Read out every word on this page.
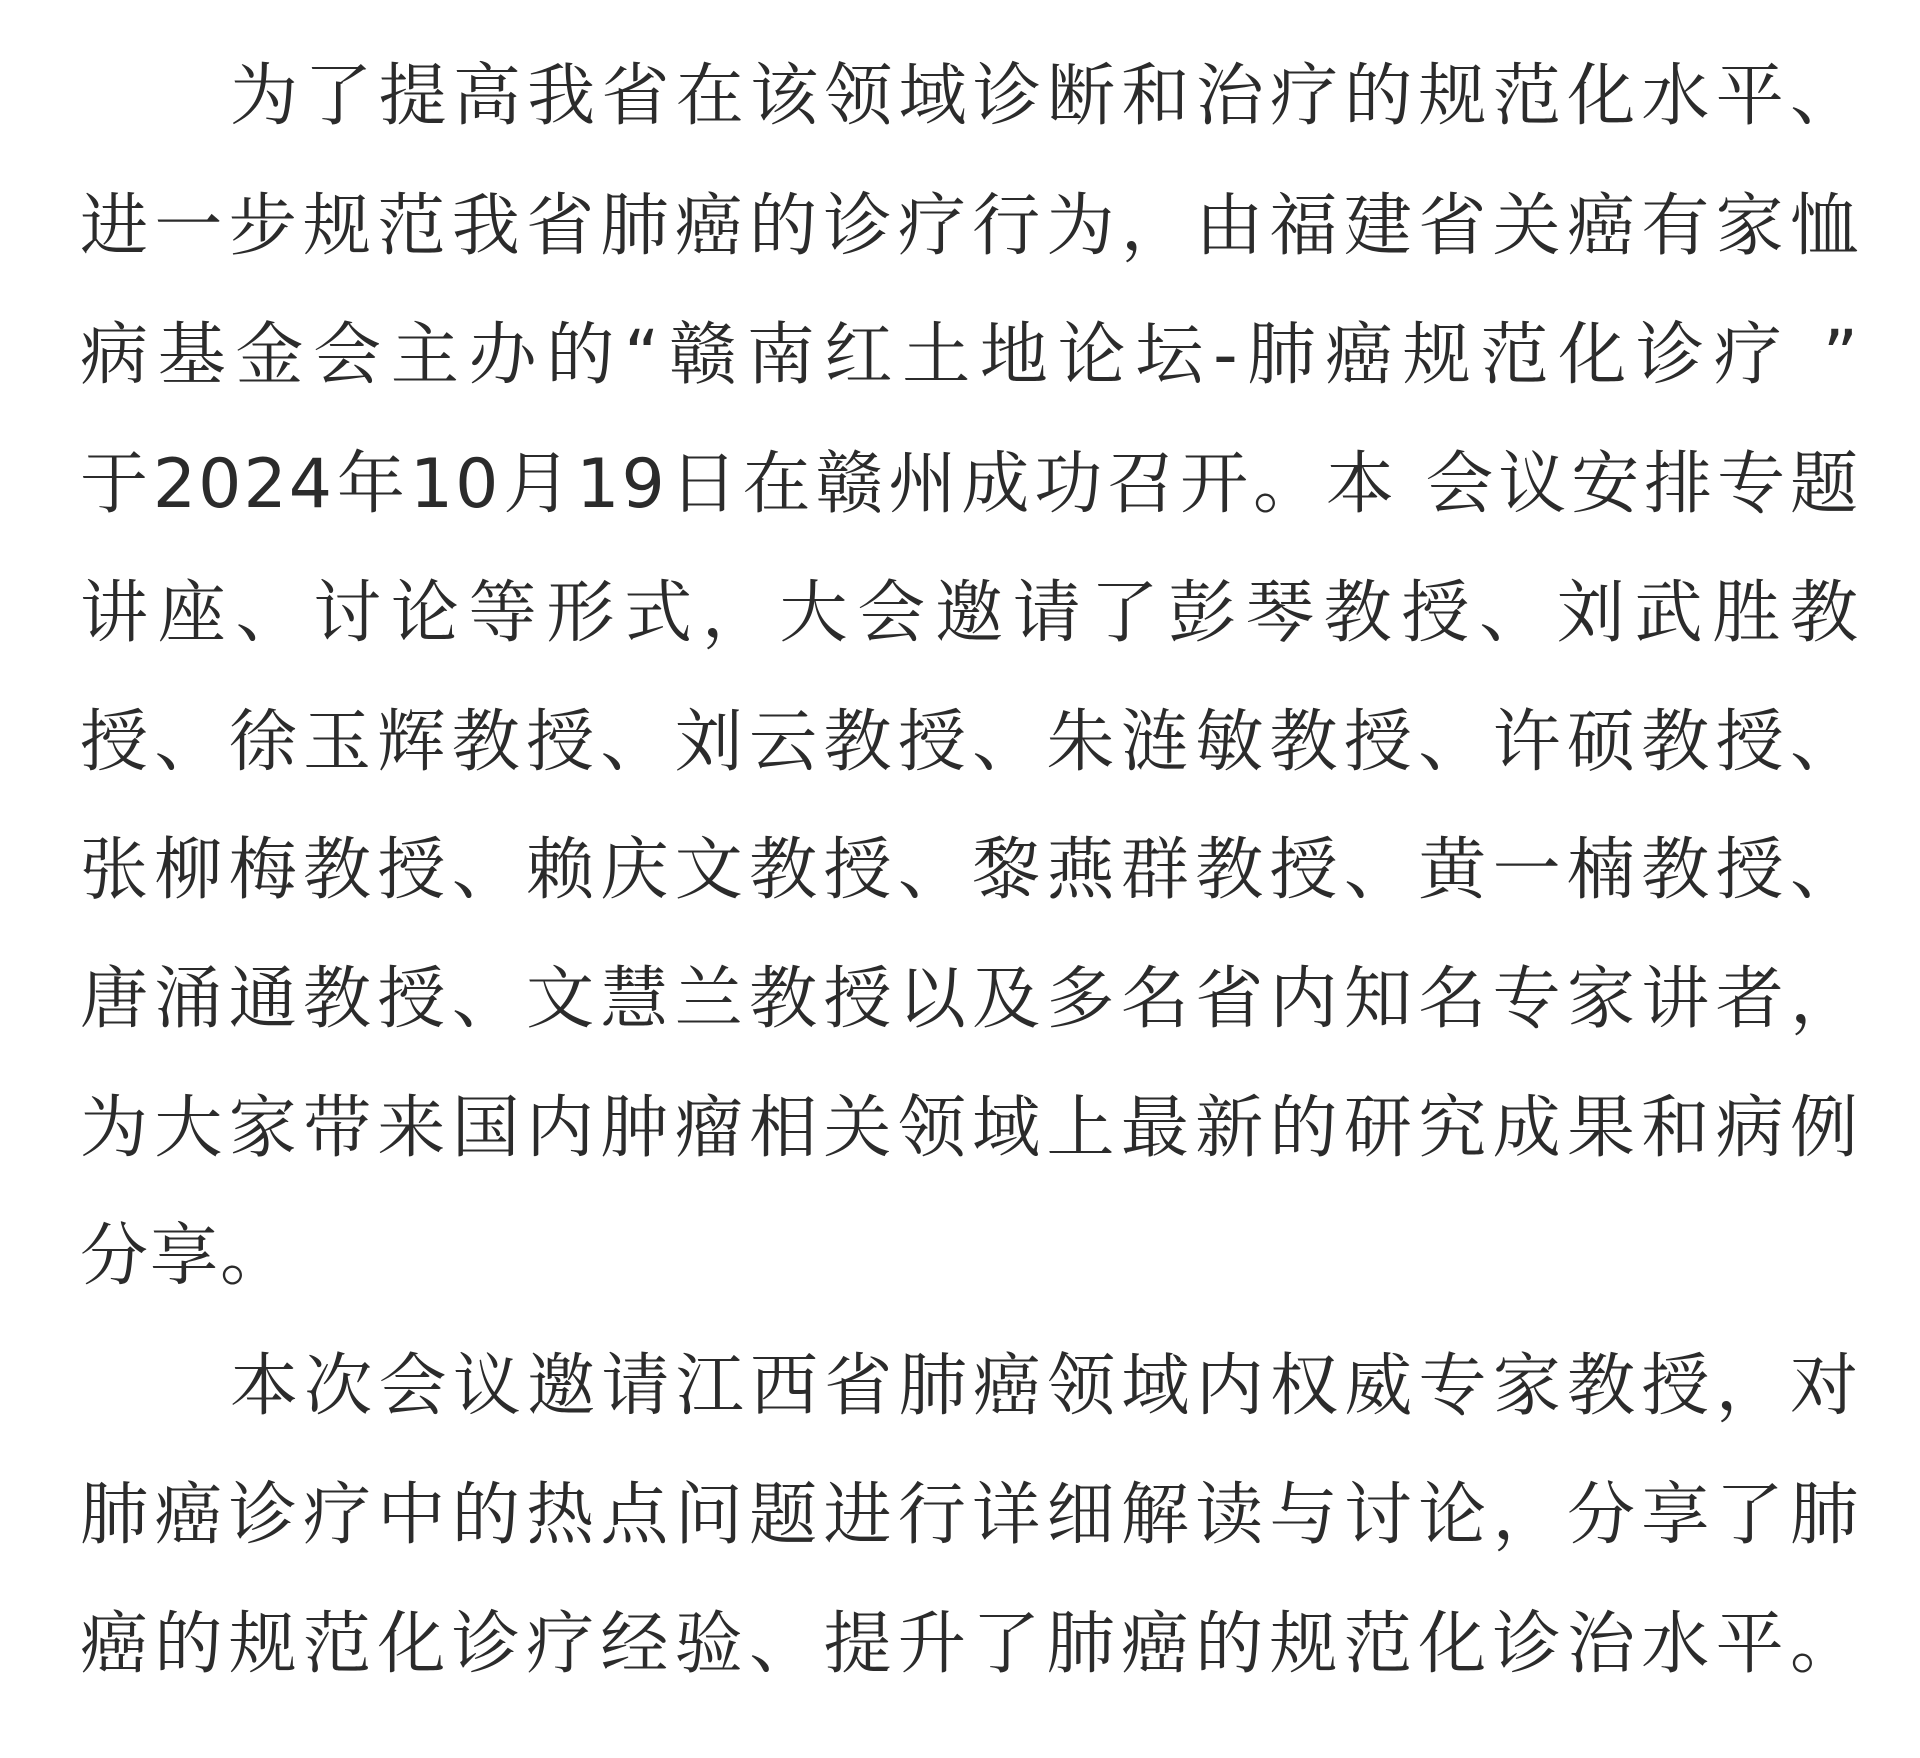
为了提高我省在该领域诊断和治疗的规范化水平、
进一步规范我省肺癌的诊疗行为，由福建省关癌有家恤
病基金会主办的“赣南红土地论坛-肺癌规范化诊疗 ”
于2024年10月19日在赣州成功召开。本 会议安排专题
讲座、讨论等形式，大会邀请了彭琴教授、刘武胜教
授、徐玉辉教授、刘云教授、朱涟敏教授、许硕教授、
张柳梅教授、赖庆文教授、黎燕群教授、黄一楠教授、
唐涌通教授、文慧兰教授以及多名省内知名专家讲者，
为大家带来国内肿瘤相关领域上最新的研究成果和病例
分享。
本次会议邀请江西省肺癌领域内权威专家教授，对
肺癌诊疗中的热点问题进行详细解读与讨论，分享了肺
癌的规范化诊疗经验、提升了肺癌的规范化诊治水平。
